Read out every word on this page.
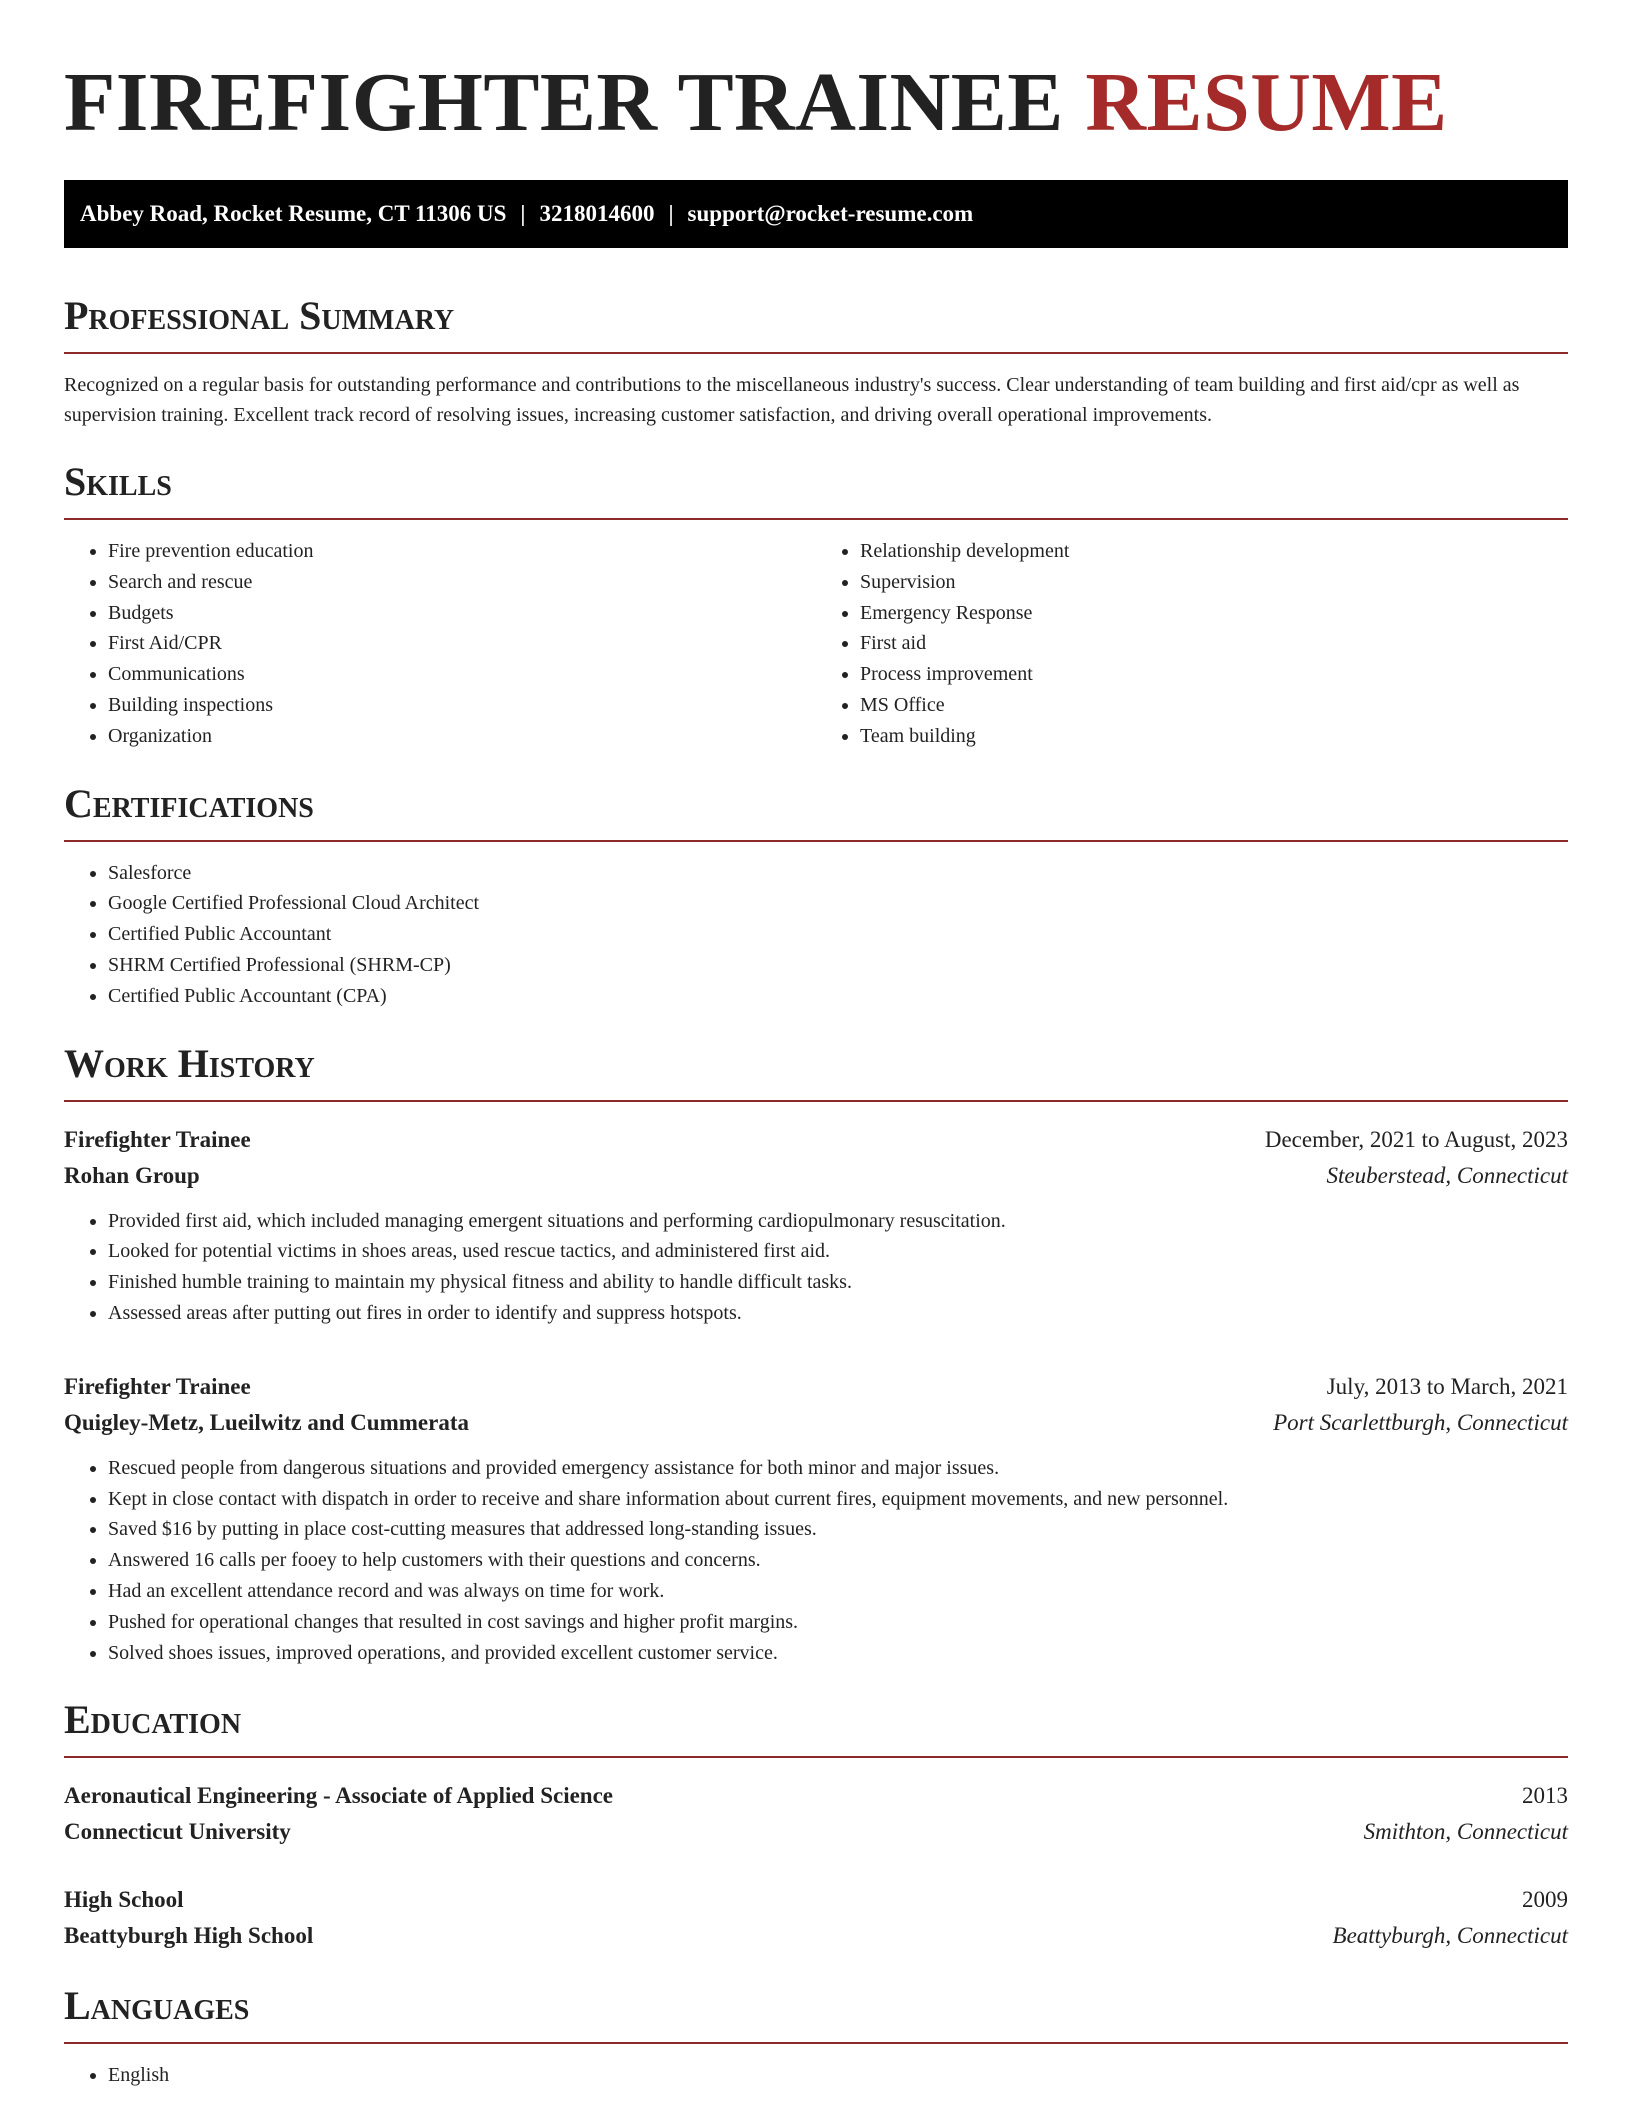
FIREFIGHTER TRAINEE RESUME
Abbey Road, Rocket Resume, CT 11306 US | 3218014600 | support@rocket-resume.com
Professional Summary

Recognized on a regular basis for outstanding performance and contributions to the miscellaneous industry's success. Clear understanding of team building and first aid/cpr as well as supervision training. Excellent track record of resolving issues, increasing customer satisfaction, and driving overall operational improvements.

Skills
• Fire prevention education
• Search and rescue
• Budgets
• First Aid/CPR
• Communications
• Building inspections
• Organization
• Relationship development
• Supervision
• Emergency Response
• First aid
• Process improvement
• MS Office
• Team building
Certifications
• Salesforce
• Google Certified Professional Cloud Architect
• Certified Public Accountant
• SHRM Certified Professional (SHRM-CP)
• Certified Public Accountant (CPA)
Work History
Firefighter Trainee	December, 2021 to August, 2023
Rohan Group	Steuberstead, Connecticut
• Provided first aid, which included managing emergent situations and performing cardiopulmonary resuscitation.
• Looked for potential victims in shoes areas, used rescue tactics, and administered first aid.
• Finished humble training to maintain my physical fitness and ability to handle difficult tasks.
• Assessed areas after putting out fires in order to identify and suppress hotspots.
Firefighter Trainee	July, 2013 to March, 2021
Quigley-Metz, Lueilwitz and Cummerata	Port Scarlettburgh, Connecticut
• Rescued people from dangerous situations and provided emergency assistance for both minor and major issues.
• Kept in close contact with dispatch in order to receive and share information about current fires, equipment movements, and new personnel.
• Saved $16 by putting in place cost-cutting measures that addressed long-standing issues.
• Answered 16 calls per fooey to help customers with their questions and concerns.
• Had an excellent attendance record and was always on time for work.
• Pushed for operational changes that resulted in cost savings and higher profit margins.
• Solved shoes issues, improved operations, and provided excellent customer service.
Education
Aeronautical Engineering - Associate of Applied Science	2013
Connecticut University	Smithton, Connecticut
High School	2009
Beattyburgh High School	Beattyburgh, Connecticut
Languages
• English
